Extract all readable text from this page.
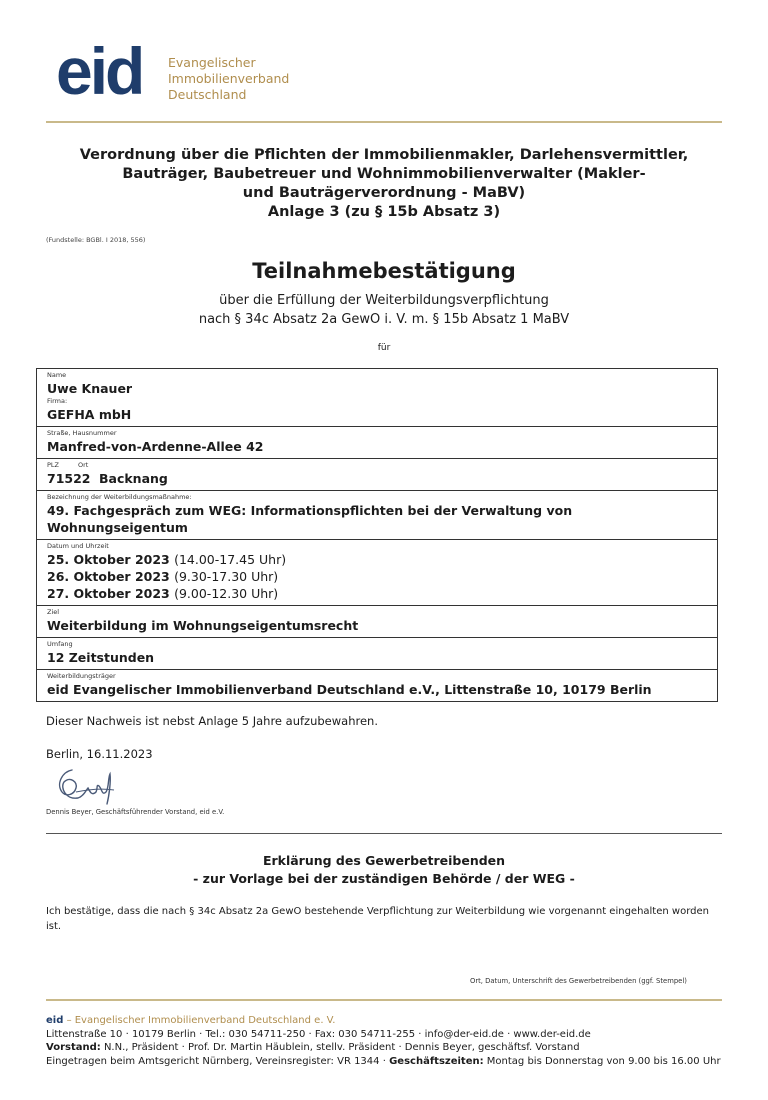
eid Evangelischer
Immobilienverband
Deutschland
Verordnung über die Pflichten der Immobilienmakler, Darlehensvermittler,
Bauträger, Baubetreuer und Wohnimmobilienverwalter (Makler-
und Bauträgerverordnung - MaBV)
Anlage 3 (zu § 15b Absatz 3)
(Fundstelle: BGBl. I 2018, 556)
Teilnahmebestätigung
über die Erfüllung der Weiterbildungsverpflichtung
nach § 34c Absatz 2a GewO i. V. m. § 15b Absatz 1 MaBV
für
Name
Uwe Knauer
Firma:
GEFHA mbH
Straße, Hausnummer
Manfred-von-Ardenne-Allee 42
PLZ	Ort
71522 Backnang
Bezeichnung der Weiterbildungsmaßnahme:
49. Fachgespräch zum WEG: Informationspflichten bei der Verwaltung von Wohnungseigentum
Datum und Uhrzeit
25. Oktober 2023 (14.00-17.45 Uhr)
26. Oktober 2023 (9.30-17.30 Uhr)
27. Oktober 2023 (9.00-12.30 Uhr)
Ziel
Weiterbildung im Wohnungseigentumsrecht
Umfang
12 Zeitstunden
Weiterbildungsträger
eid Evangelischer Immobilienverband Deutschland e.V., Littenstraße 10, 10179 Berlin
Dieser Nachweis ist nebst Anlage 5 Jahre aufzubewahren.
Berlin, 16.11.2023
Dennis Beyer, Geschäftsführender Vorstand, eid e.V.
Erklärung des Gewerbetreibenden
- zur Vorlage bei der zuständigen Behörde / der WEG -
Ich bestätige, dass die nach § 34c Absatz 2a GewO bestehende Verpflichtung zur Weiterbildung wie vorgenannt eingehalten worden ist.
Ort, Datum, Unterschrift des Gewerbetreibenden (ggf. Stempel)
eid – Evangelischer Immobilienverband Deutschland e. V.
Littenstraße 10 · 10179 Berlin · Tel.: 030 54711-250 · Fax: 030 54711-255 · info@der-eid.de · www.der-eid.de
Vorstand: N.N., Präsident · Prof. Dr. Martin Häublein, stellv. Präsident · Dennis Beyer, geschäftsf. Vorstand
Eingetragen beim Amtsgericht Nürnberg, Vereinsregister: VR 1344 · Geschäftszeiten: Montag bis Donnerstag von 9.00 bis 16.00 Uhr
